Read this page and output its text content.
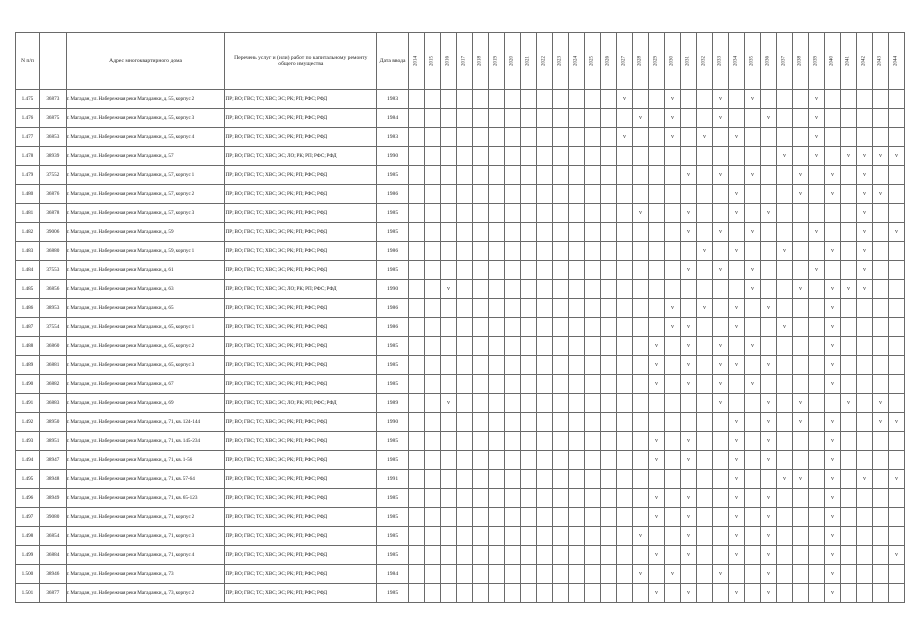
N п/п		Адрес многоквартирного дома	Перечень услуг и (или) работ по капитальному ремонту общего имущества	Дата ввода	2014	2015	2016	2017	2018	2019	2020	2021	2022	2023	2024	2025	2026	2027	2028	2029	2030	2031	2032	2033	2034	2035	2036	2037	2038	2039	2040	2041	2042	2043	2044

1.475	36873	г. Магадан, ул. Набережная реки Магаданки, д. 55, корпус 2	ПР; ВО; ГВС; ТС; ХВС; ЭС; РК; РП; РФС; РФД	1983														v			v			v		v				v					
1.476	36875	г. Магадан, ул. Набережная реки Магаданки, д. 55, корпус 3	ПР; ВО; ГВС; ТС; ХВС; ЭС; РК; РП; РФС; РФД	1984															v		v			v			v			v					
1.477	36853	г. Магадан, ул. Набережная реки Магаданки, д. 55, корпус 4	ПР; ВО; ГВС; ТС; ХВС; ЭС; РК; РП; РФС; РФД	1983														v			v		v		v					v					
1.478	38939	г. Магадан, ул. Набережная реки Магаданки, д. 57	ПР; ВО; ГВС; ТС; ХВС; ЭС; ЛО; РК; РП; РФС; РФД	1990																								v		v		v	v	v	v
1.479	37552	г. Магадан, ул. Набережная реки Магаданки, д. 57, корпус 1	ПР; ВО; ГВС; ТС; ХВС; ЭС; РК; РП; РФС; РФД	1985																		v		v		v			v		v		v		
1.480	36876	г. Магадан, ул. Набережная реки Магаданки, д. 57, корпус 2	ПР; ВО; ГВС; ТС; ХВС; ЭС; РК; РП; РФС; РФД	1986																					v				v		v		v	v	
1.481	36878	г. Магадан, ул. Набережная реки Магаданки, д. 57, корпус 3	ПР; ВО; ГВС; ТС; ХВС; ЭС; РК; РП; РФС; РФД	1985															v			v			v		v						v		
1.482	39006	г. Магадан, ул. Набережная реки Магаданки, д. 59	ПР; ВО; ГВС; ТС; ХВС; ЭС; РК; РП; РФС; РФД	1985																		v		v		v				v			v		v
1.483	36880	г. Магадан, ул. Набережная реки Магаданки, д. 59, корпус 1	ПР; ВО; ГВС; ТС; ХВС; ЭС; РК; РП; РФС; РФД	1986																			v		v			v			v		v		
1.484	37553	г. Магадан, ул. Набережная реки Магаданки, д. 61	ПР; ВО; ГВС; ТС; ХВС; ЭС; РК; РП; РФС; РФД	1985																		v		v		v				v			v		
1.485	36856	г. Магадан, ул. Набережная реки Магаданки, д. 63	ПР; ВО; ГВС; ТС; ХВС; ЭС; ЛО; РК; РП; РФС; РФД	1990			v																			v			v		v	v	v		
1.486	38953	г. Магадан, ул. Набережная реки Магаданки, д. 65	ПР; ВО; ГВС; ТС; ХВС; ЭС; РК; РП; РФС; РФД	1986																	v		v		v		v				v				
1.487	37554	г. Магадан, ул. Набережная реки Магаданки, д. 65, корпус 1	ПР; ВО; ГВС; ТС; ХВС; ЭС; РК; РП; РФС; РФД	1986																	v	v			v			v			v				
1.488	36860	г. Магадан, ул. Набережная реки Магаданки, д. 65, корпус 2	ПР; ВО; ГВС; ТС; ХВС; ЭС; РК; РП; РФС; РФД	1985																v		v		v		v					v				
1.489	36881	г. Магадан, ул. Набережная реки Магаданки, д. 65, корпус 3	ПР; ВО; ГВС; ТС; ХВС; ЭС; РК; РП; РФС; РФД	1985																v		v		v	v		v				v				
1.490	36882	г. Магадан, ул. Набережная реки Магаданки, д. 67	ПР; ВО; ГВС; ТС; ХВС; ЭС; РК; РП; РФС; РФД	1985																v		v		v		v					v				
1.491	36883	г. Магадан, ул. Набережная реки Магаданки, д. 69	ПР; ВО; ГВС; ТС; ХВС; ЭС; ЛО; РК; РП; РФС; РФД	1989			v																	v			v		v			v		v	
1.492	38950	г. Магадан, ул. Набережная реки Магаданки, д. 71, кв. 124-144	ПР; ВО; ГВС; ТС; ХВС; ЭС; РК; РП; РФС; РФД	1990																					v		v		v		v			v	v
1.493	38951	г. Магадан, ул. Набережная реки Магаданки, д. 71, кв. 145-234	ПР; ВО; ГВС; ТС; ХВС; ЭС; РК; РП; РФС; РФД	1985																v		v			v		v				v				
1.494	38947	г. Магадан, ул. Набережная реки Магаданки, д. 71, кв. 1-56	ПР; ВО; ГВС; ТС; ХВС; ЭС; РК; РП; РФС; РФД	1985																v		v			v		v				v				
1.495	38948	г. Магадан, ул. Набережная реки Магаданки, д. 71, кв. 57-64	ПР; ВО; ГВС; ТС; ХВС; ЭС; РК; РП; РФС; РФД	1991																					v			v	v		v		v		v
1.496	38949	г. Магадан, ул. Набережная реки Магаданки, д. 71, кв. 65-123	ПР; ВО; ГВС; ТС; ХВС; ЭС; РК; РП; РФС; РФД	1985																v		v			v		v				v				
1.497	39080	г. Магадан, ул. Набережная реки Магаданки, д. 71, корпус 2	ПР; ВО; ГВС; ТС; ХВС; ЭС; РК; РП; РФС; РФД	1985																v		v			v		v				v				
1.498	36854	г. Магадан, ул. Набережная реки Магаданки, д. 71, корпус 3	ПР; ВО; ГВС; ТС; ХВС; ЭС; РК; РП; РФС; РФД	1985															v			v			v		v				v				
1.499	36884	г. Магадан, ул. Набережная реки Магаданки, д. 71, корпус 4	ПР; ВО; ГВС; ТС; ХВС; ЭС; РК; РП; РФС; РФД	1985																v		v			v		v				v				v
1.500	38946	г. Магадан, ул. Набережная реки Магаданки, д. 73	ПР; ВО; ГВС; ТС; ХВС; ЭС; РК; РП; РФС; РФД	1984															v		v			v			v				v				
1.501	36877	г. Магадан, ул. Набережная реки Магаданки, д. 73, корпус 2	ПР; ВО; ГВС; ТС; ХВС; ЭС; РК; РП; РФС; РФД	1985																v		v			v		v				v				
